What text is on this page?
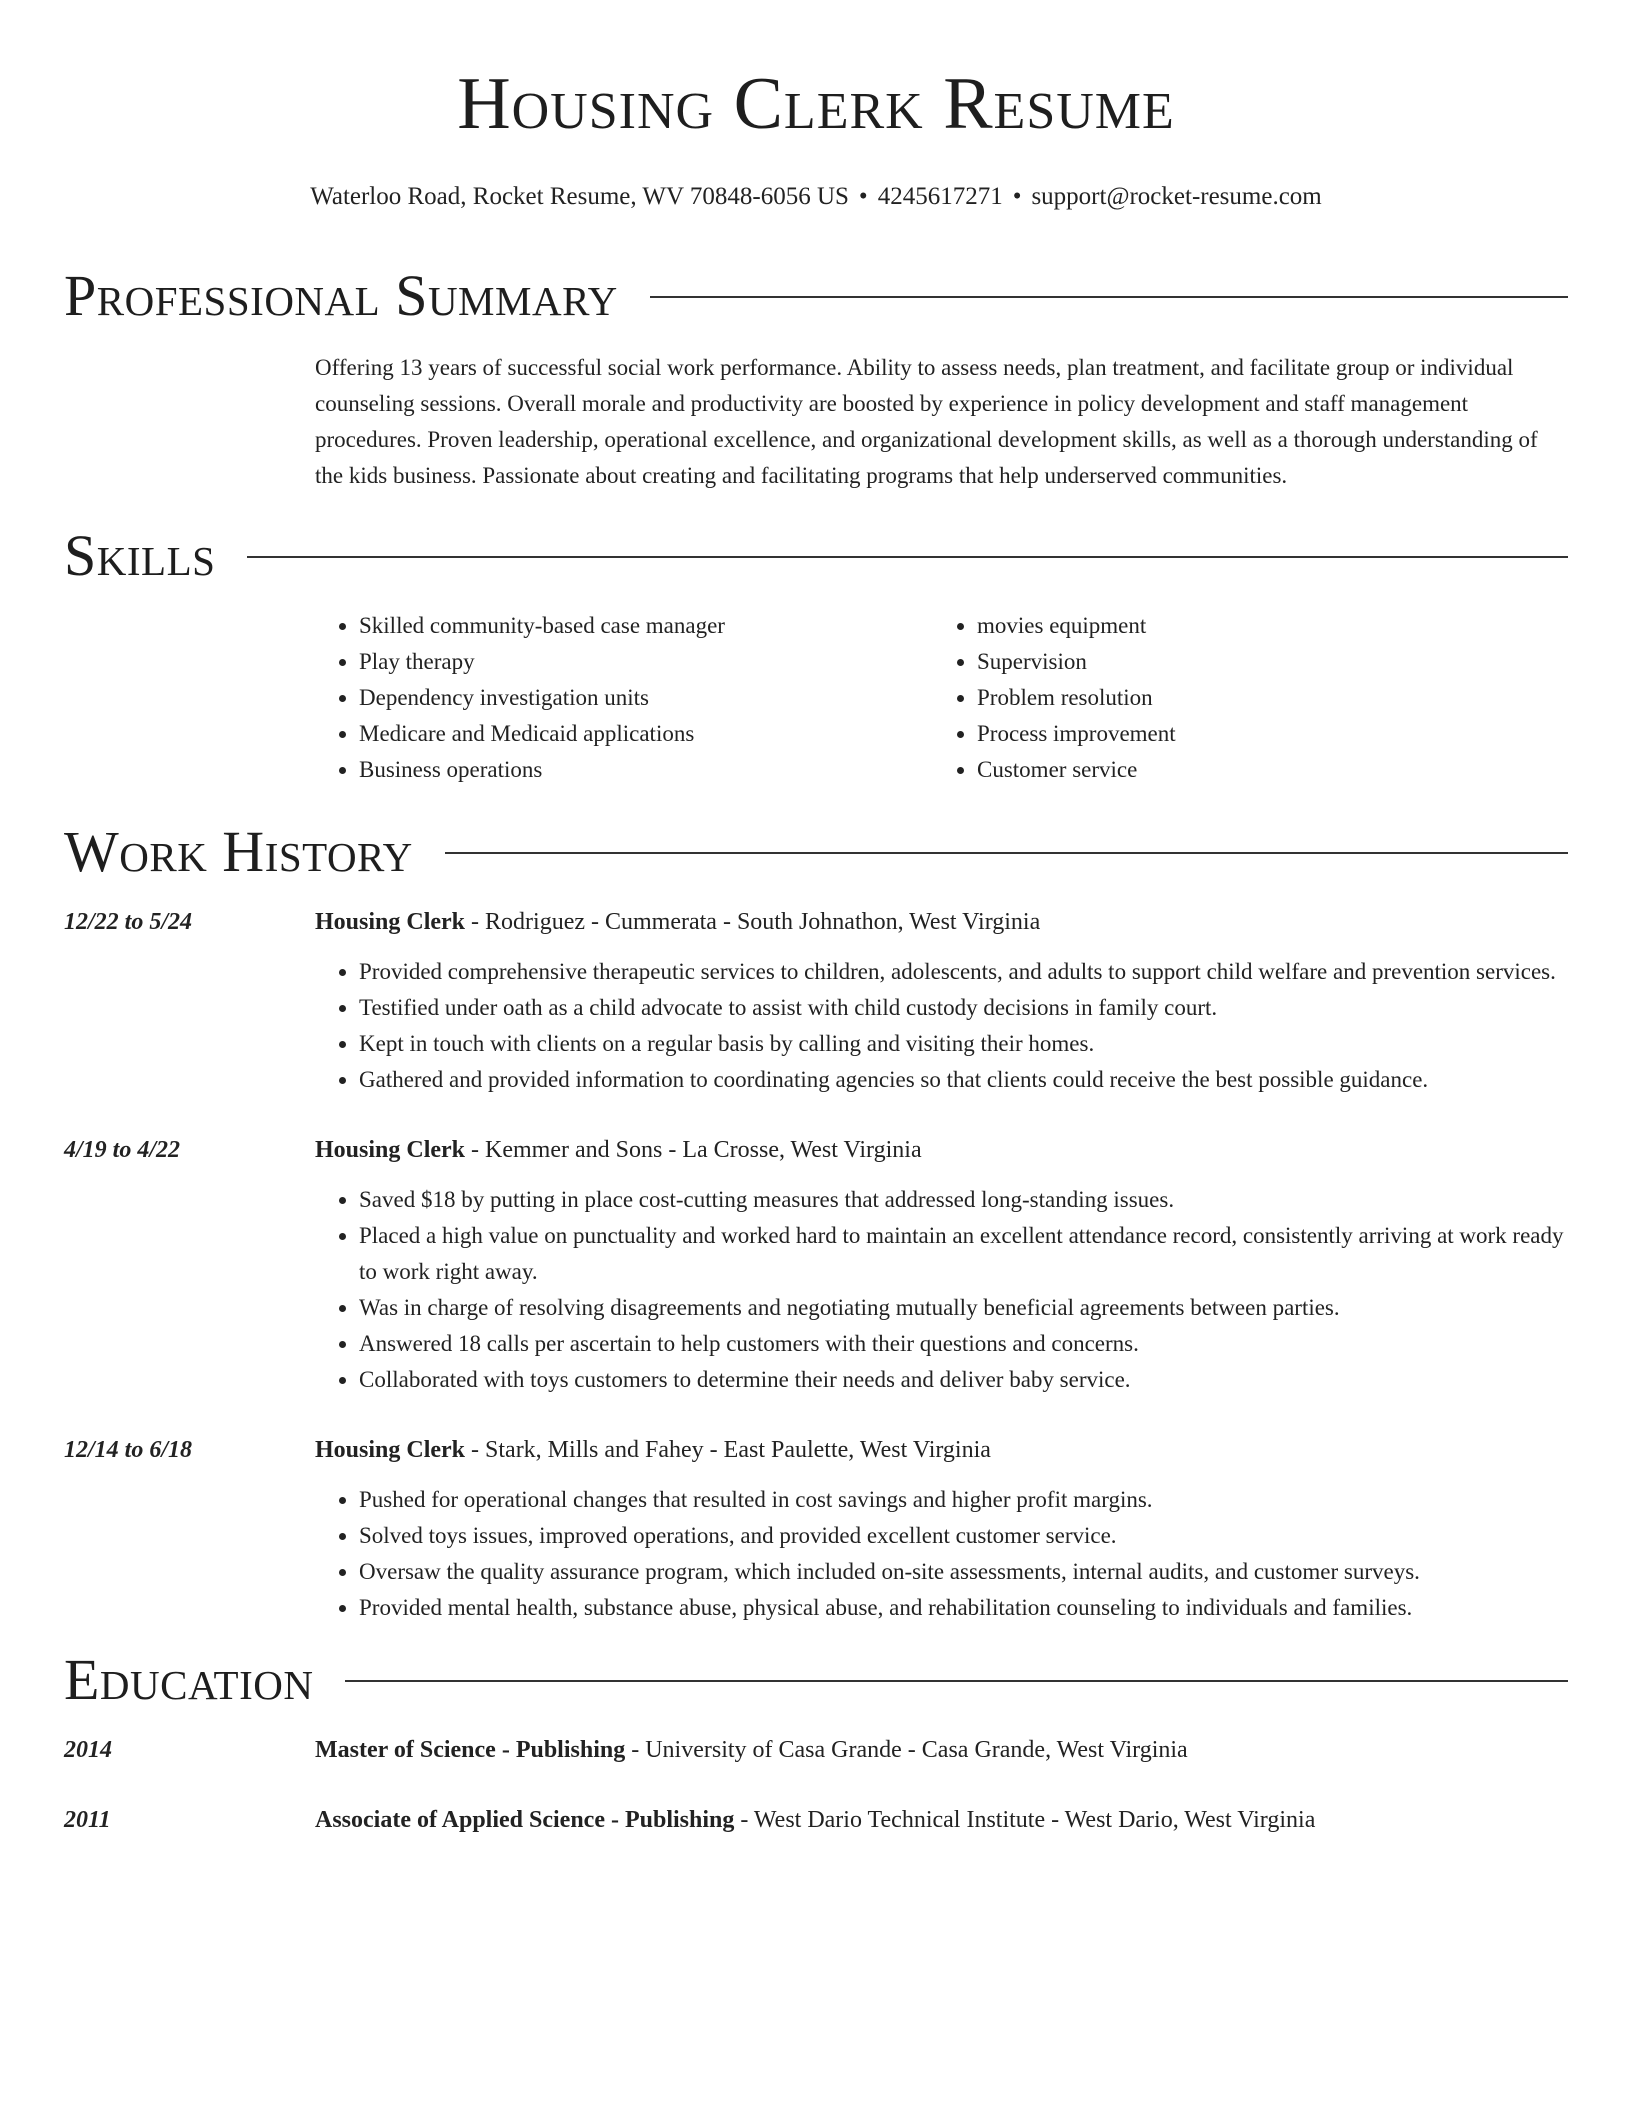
Housing Clerk Resume
Waterloo Road, Rocket Resume, WV 70848-6056 US • 4245617271 • support@rocket-resume.com
Professional Summary

Offering 13 years of successful social work performance. Ability to assess needs, plan treatment, and facilitate group or individual counseling sessions. Overall morale and productivity are boosted by experience in policy development and staff management procedures. Proven leadership, operational excellence, and organizational development skills, as well as a thorough understanding of the kids business. Passionate about creating and facilitating programs that help underserved communities.

Skills
• Skilled community-based case manager
• Play therapy
• Dependency investigation units
• Medicare and Medicaid applications
• Business operations
• movies equipment
• Supervision
• Problem resolution
• Process improvement
• Customer service
Work History
12/22 to 5/24	Housing Clerk - Rodriguez - Cummerata - South Johnathon, West Virginia
• Provided comprehensive therapeutic services to children, adolescents, and adults to support child welfare and prevention services.
• Testified under oath as a child advocate to assist with child custody decisions in family court.
• Kept in touch with clients on a regular basis by calling and visiting their homes.
• Gathered and provided information to coordinating agencies so that clients could receive the best possible guidance.
4/19 to 4/22	Housing Clerk - Kemmer and Sons - La Crosse, West Virginia
• Saved $18 by putting in place cost-cutting measures that addressed long-standing issues.
• Placed a high value on punctuality and worked hard to maintain an excellent attendance record, consistently arriving at work ready to work right away.
• Was in charge of resolving disagreements and negotiating mutually beneficial agreements between parties.
• Answered 18 calls per ascertain to help customers with their questions and concerns.
• Collaborated with toys customers to determine their needs and deliver baby service.
12/14 to 6/18	Housing Clerk - Stark, Mills and Fahey - East Paulette, West Virginia
• Pushed for operational changes that resulted in cost savings and higher profit margins.
• Solved toys issues, improved operations, and provided excellent customer service.
• Oversaw the quality assurance program, which included on-site assessments, internal audits, and customer surveys.
• Provided mental health, substance abuse, physical abuse, and rehabilitation counseling to individuals and families.
Education
2014	Master of Science - Publishing - University of Casa Grande - Casa Grande, West Virginia
2011	Associate of Applied Science - Publishing - West Dario Technical Institute - West Dario, West Virginia
